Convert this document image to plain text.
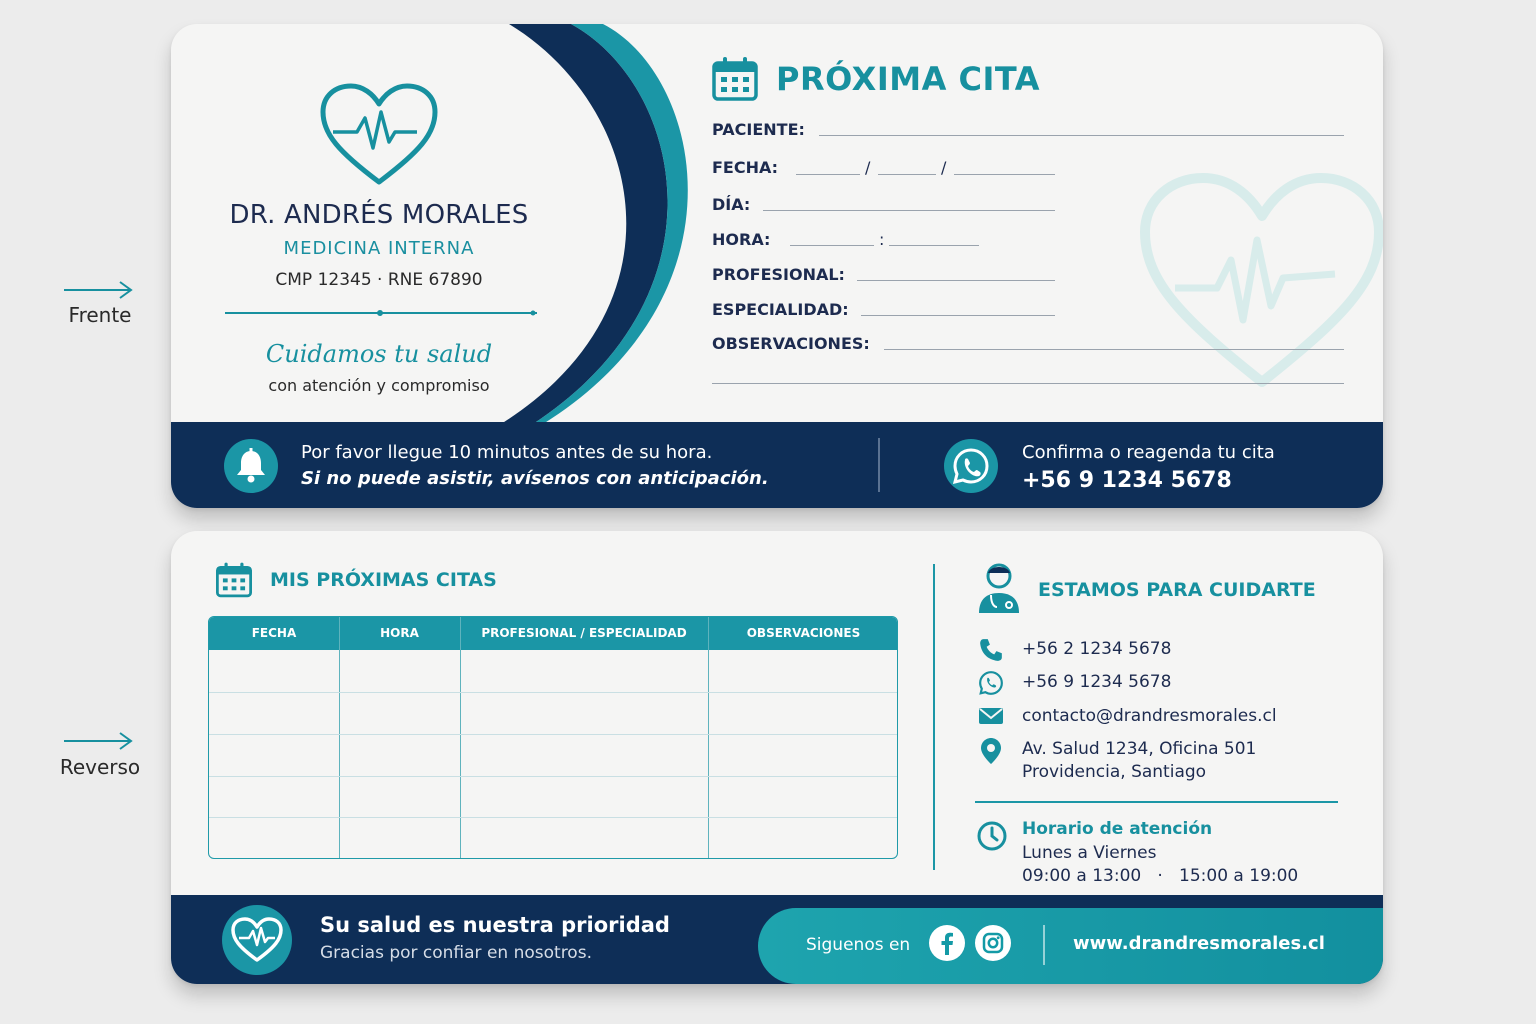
Frente
Reverso
DR. ANDRÉS MORALES
MEDICINA INTERNA
CMP 12345 · RNE 67890
Cuidamos tu salud
con atención y compromiso
PRÓXIMA CITA
PACIENTE:
FECHA:	/	/
DÍA:
HORA:	:
PROFESIONAL:
ESPECIALIDAD:
OBSERVACIONES:
Por favor llegue 10 minutos antes de su hora.
Si no puede asistir, avísenos con anticipación.
Confirma o reagenda tu cita
+56 9 1234 5678
MIS PRÓXIMAS CITAS
FECHA	HORA	PROFESIONAL / ESPECIALIDAD	OBSERVACIONES
ESTAMOS PARA CUIDARTE
+56 2 1234 5678
+56 9 1234 5678
contacto@drandresmorales.cl
Av. Salud 1234, Oficina 501
Providencia, Santiago
Horario de atención
Lunes a Viernes
09:00 a 13:00   ·   15:00 a 19:00
Su salud es nuestra prioridad
Gracias por confiar en nosotros.	Siguenos en	www.drandresmorales.cl
